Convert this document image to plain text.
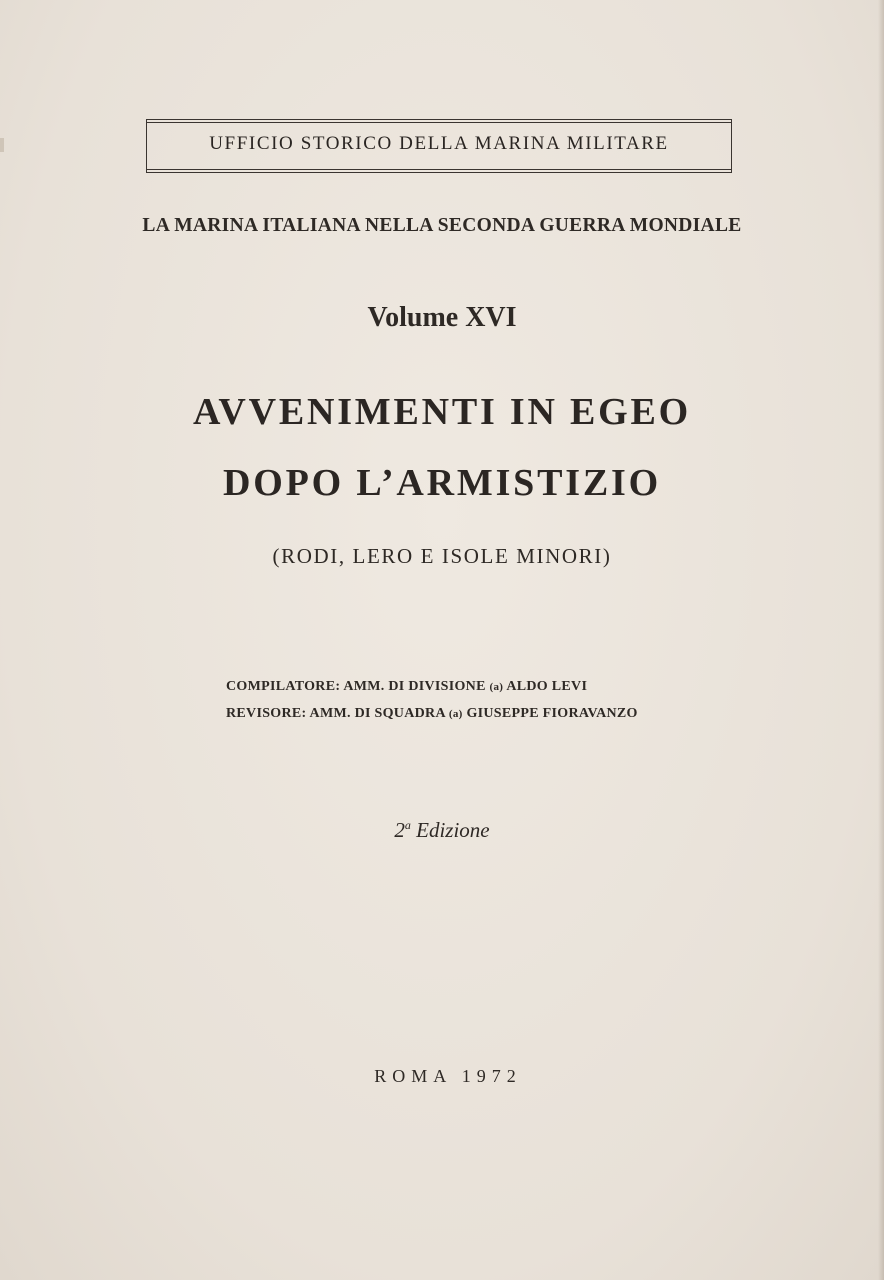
UFFICIO STORICO DELLA MARINA MILITARE
LA MARINA ITALIANA NELLA SECONDA GUERRA MONDIALE
Volume XVI
AVVENIMENTI IN EGEO
DOPO L’ARMISTIZIO
(RODI, LERO E ISOLE MINORI)
COMPILATORE: AMM. DI DIVISIONE (a) ALDO LEVI
REVISORE: AMM. DI SQUADRA (a) GIUSEPPE FIORAVANZO
2$^a$ Edizione
ROMA 1972
